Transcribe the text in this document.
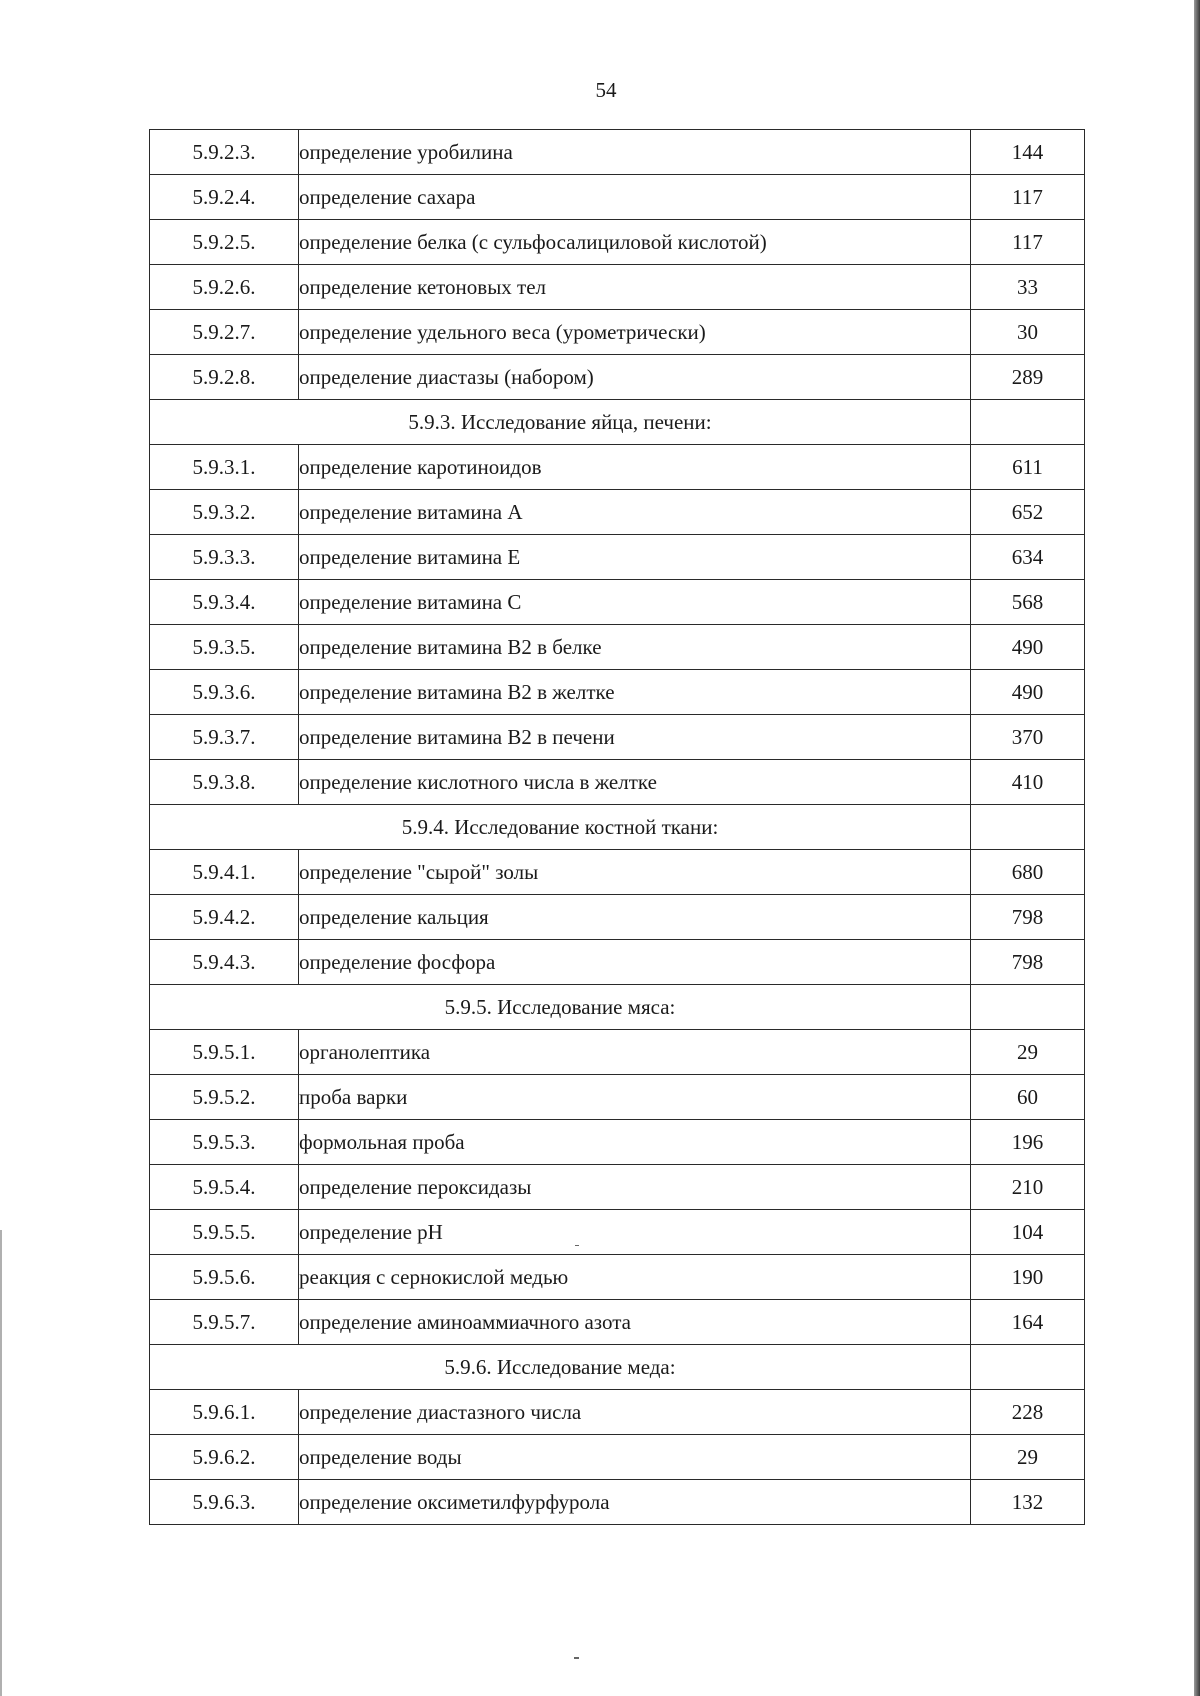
54
5.9.2.3.	определение уробилина	144
5.9.2.4.	определение сахара	117
5.9.2.5.	определение белка (с сульфосалициловой кислотой)	117
5.9.2.6.	определение кетоновых тел	33
5.9.2.7.	определение удельного веса (урометрически)	30
5.9.2.8.	определение диастазы (набором)	289
5.9.3. Исследование яйца, печени:		
5.9.3.1.	определение каротиноидов	611
5.9.3.2.	определение витамина А	652
5.9.3.3.	определение витамина Е	634
5.9.3.4.	определение витамина С	568
5.9.3.5.	определение витамина В2 в белке	490
5.9.3.6.	определение витамина В2 в желтке	490
5.9.3.7.	определение витамина В2 в печени	370
5.9.3.8.	определение кислотного числа в желтке	410
5.9.4. Исследование костной ткани:		
5.9.4.1.	определение "сырой" золы	680
5.9.4.2.	определение кальция	798
5.9.4.3.	определение фосфора	798
5.9.5. Исследование мяса:		
5.9.5.1.	органолептика	29
5.9.5.2.	проба варки	60
5.9.5.3.	формольная проба	196
5.9.5.4.	определение пероксидазы	210
5.9.5.5.	определение рН	104
5.9.5.6.	реакция с сернокислой медью	190
5.9.5.7.	определение аминоаммиачного азота	164
5.9.6. Исследование меда:		
5.9.6.1.	определение диастазного числа	228
5.9.6.2.	определение воды	29
5.9.6.3.	определение оксиметилфурфурола	132
